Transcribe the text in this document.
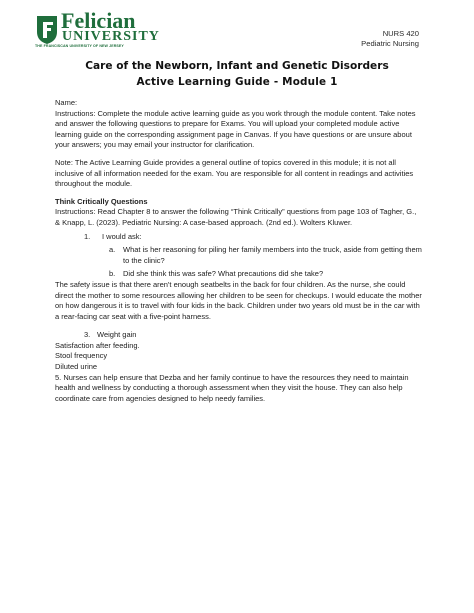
Felician
UNIVERSITY
THE FRANCISCAN UNIVERSITY OF NEW JERSEY
NURS 420
Pediatric Nursing
Care of the Newborn, Infant and Genetic Disorders
Active Learning Guide - Module 1

Name:

Instructions: Complete the module active learning guide as you work through the module content. Take notes and answer the following questions to prepare for Exams. You will upload your completed module active learning guide on the corresponding assignment page in Canvas. If you have questions or are unsure about your answers; you may email your instructor for clarification.

Note: The Active Learning Guide provides a general outline of topics covered in this module; it is not all inclusive of all information needed for the exam. You are responsible for all content in readings and activities throughout the module.

Think Critically Questions

Instructions: Read Chapter 8 to answer the following “Think Critically” questions from page 103 of Tagher, G., & Knapp, L. (2023). Pediatric Nursing: A case-based approach. (2nd ed.). Wolters Kluwer.

1.	I would ask:
a.	What is her reasoning for piling her family members into the truck, aside from getting them to the clinic?
b.	Did she think this was safe? What precautions did she take?

The safety issue is that there aren't enough seatbelts in the back for four children. As the nurse, she could direct the mother to some resources allowing her children to be seen for checkups. I would educate the mother on how dangerous it is to travel with four kids in the back. Children under two years old must be in the car with a rear-facing car seat with a five-point harness.

3. Weight gain

Satisfaction after feeding.

Stool frequency

Diluted urine

5. Nurses can help ensure that Dezba and her family continue to have the resources they need to maintain health and wellness by conducting a thorough assessment when they visit the house. They can also help coordinate care from agencies designed to help needy families.
